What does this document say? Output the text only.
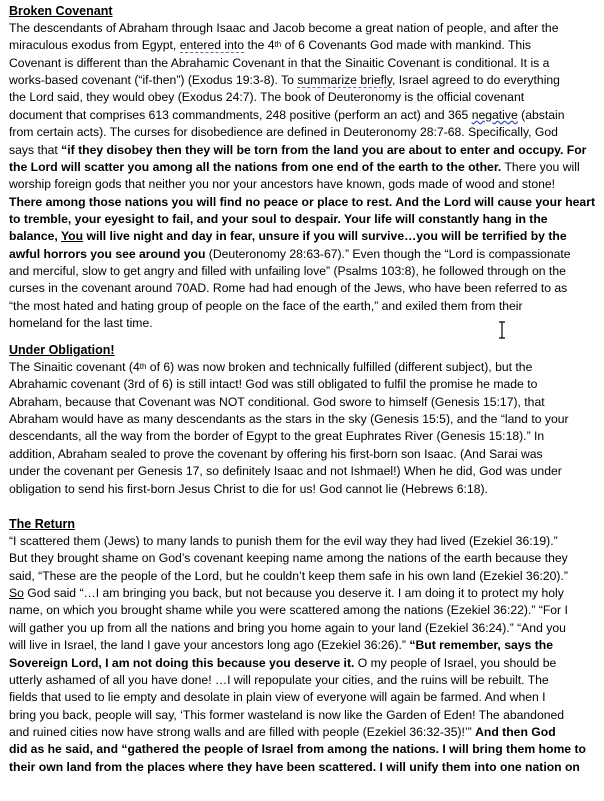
Broken Covenant
The descendants of Abraham through Isaac and Jacob become a great nation of people, and after the
miraculous exodus from Egypt, entered into the 4th of 6 Covenants God made with mankind. This
Covenant is different than the Abrahamic Covenant in that the Sinaitic Covenant is conditional. It is a
works-based covenant (“if-then”) (Exodus 19:3-8). To summarize briefly, Israel agreed to do everything
the Lord said, they would obey (Exodus 24:7). The book of Deuteronomy is the official covenant
document that comprises 613 commandments, 248 positive (perform an act) and 365 negative (abstain
from certain acts). The curses for disobedience are defined in Deuteronomy 28:7-68. Specifically, God
says that “if they disobey then they will be torn from the land you are about to enter and occupy. For
the Lord will scatter you among all the nations from one end of the earth to the other. There you will
worship foreign gods that neither you nor your ancestors have known, gods made of wood and stone!
There among those nations you will find no peace or place to rest. And the Lord will cause your heart
to tremble, your eyesight to fail, and your soul to despair. Your life will constantly hang in the
balance, You will live night and day in fear, unsure if you will survive…you will be terrified by the
awful horrors you see around you (Deuteronomy 28:63-67).” Even though the “Lord is compassionate
and merciful, slow to get angry and filled with unfailing love” (Psalms 103:8), he followed through on the
curses in the covenant around 70AD. Rome had had enough of the Jews, who have been referred to as
“the most hated and hating group of people on the face of the earth,” and exiled them from their
homeland for the last time.
Under Obligation!
The Sinaitic covenant (4th of 6) was now broken and technically fulfilled (different subject), but the
Abrahamic covenant (3rd of 6) is still intact! God was still obligated to fulfil the promise he made to
Abraham, because that Covenant was NOT conditional. God swore to himself (Genesis 15:17), that
Abraham would have as many descendants as the stars in the sky (Genesis 15:5), and the “land to your
descendants, all the way from the border of Egypt to the great Euphrates River (Genesis 15:18).” In
addition, Abraham sealed to prove the covenant by offering his first-born son Isaac. (And Sarai was
under the covenant per Genesis 17, so definitely Isaac and not Ishmael!) When he did, God was under
obligation to send his first-born Jesus Christ to die for us! God cannot lie (Hebrews 6:18).
The Return
“I scattered them (Jews) to many lands to punish them for the evil way they had lived (Ezekiel 36:19).”
But they brought shame on God’s covenant keeping name among the nations of the earth because they
said, “These are the people of the Lord, but he couldn’t keep them safe in his own land (Ezekiel 36:20).”
So God said “…I am bringing you back, but not because you deserve it. I am doing it to protect my holy
name, on which you brought shame while you were scattered among the nations (Ezekiel 36:22).” “For I
will gather you up from all the nations and bring you home again to your land (Ezekiel 36:24).” “And you
will live in Israel, the land I gave your ancestors long ago (Ezekiel 36:26).” “But remember, says the
Sovereign Lord, I am not doing this because you deserve it. O my people of Israel, you should be
utterly ashamed of all you have done! …I will repopulate your cities, and the ruins will be rebuilt. The
fields that used to lie empty and desolate in plain view of everyone will again be farmed. And when I
bring you back, people will say, ‘This former wasteland is now like the Garden of Eden! The abandoned
and ruined cities now have strong walls and are filled with people (Ezekiel 36:32-35)!’” And then God
did as he said, and “gathered the people of Israel from among the nations. I will bring them home to
their own land from the places where they have been scattered. I will unify them into one nation on
